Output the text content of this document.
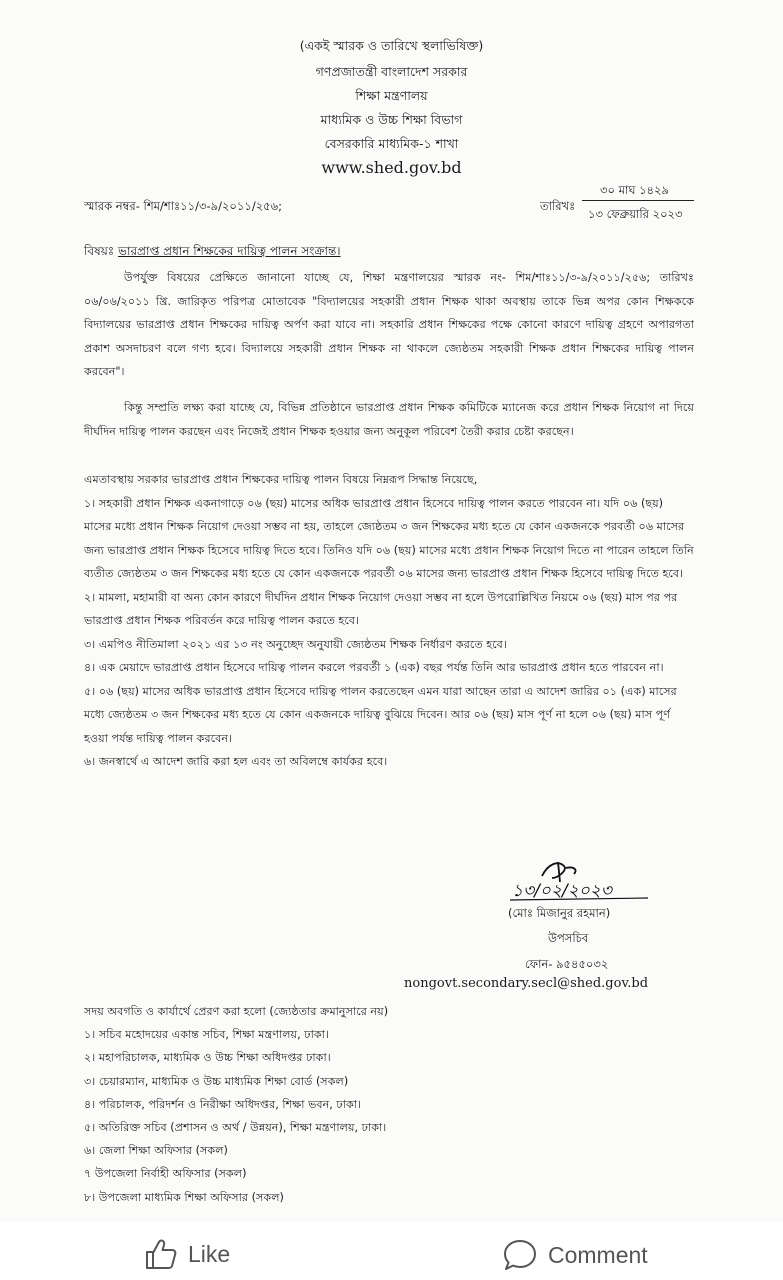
(একই স্মারক ও তারিখে স্থলাভিষিক্ত)
গণপ্রজাতন্ত্রী বাংলাদেশ সরকার
শিক্ষা মন্ত্রণালয়
মাধ্যমিক ও উচ্চ শিক্ষা বিভাগ
বেসরকারি মাধ্যমিক-১ শাখা
www.shed.gov.bd
স্মারক নম্বর- শিম/শাঃ১১/৩-৯/২০১১/২৫৬;	তারিখঃ
৩০ মাঘ ১৪২৯
১৩ ফেব্রুয়ারি ২০২৩
বিষয়ঃ ভারপ্রাপ্ত প্রধান শিক্ষকের দায়িত্ব পালন সংক্রান্ত।
উপর্যুক্ত বিষয়ের প্রেক্ষিতে জানানো যাচ্ছে যে, শিক্ষা মন্ত্রণালয়ের স্মারক নং- শিম/শাঃ১১/৩-৯/২০১১/২৫৬; তারিখঃ ০৬/০৬/২০১১ খ্রি. জারিকৃত পরিপত্র মোতাবেক "বিদ্যালয়ের সহকারী প্রধান শিক্ষক থাকা অবস্থায় তাকে ভিন্ন অপর কোন শিক্ষককে বিদ্যালয়ের ভারপ্রাপ্ত প্রধান শিক্ষকের দায়িত্ব অর্পণ করা যাবে না। সহকারি প্রধান শিক্ষকের পক্ষে কোনো কারণে দায়িত্ব গ্রহণে অপারগতা প্রকাশ অসদাচরণ বলে গণ্য হবে। বিদ্যালয়ে সহকারী প্রধান শিক্ষক না থাকলে জ্যেষ্ঠতম সহকারী শিক্ষক প্রধান শিক্ষকের দায়িত্ব পালন করবেন"।
কিন্তু সম্প্রতি লক্ষ্য করা যাচ্ছে যে, বিভিন্ন প্রতিষ্ঠানে ভারপ্রাপ্ত প্রধান শিক্ষক কমিটিকে ম্যানেজ করে প্রধান শিক্ষক নিয়োগ না দিয়ে দীর্ঘদিন দায়িত্ব পালন করছেন এবং নিজেই প্রধান শিক্ষক হওয়ার জন্য অনুকূল পরিবেশ তৈরী করার চেষ্টা করছেন।
এমতাবস্থায় সরকার ভারপ্রাপ্ত প্রধান শিক্ষকের দায়িত্ব পালন বিষয়ে নিম্নরূপ সিদ্ধান্ত নিয়েছে,
১। সহকারী প্রধান শিক্ষক একনাগাড়ে ০৬ (ছয়) মাসের অধিক ভারপ্রাপ্ত প্রধান হিসেবে দায়িত্ব পালন করতে পারবেন না। যদি ০৬ (ছয়) মাসের মধ্যে প্রধান শিক্ষক নিয়োগ দেওয়া সম্ভব না হয়, তাহলে জ্যেষ্ঠতম ৩ জন শিক্ষকের মধ্য হতে যে কোন একজনকে পরবর্তী ০৬ মাসের জন্য ভারপ্রাপ্ত প্রধান শিক্ষক হিসেবে দায়িত্ব দিতে হবে। তিনিও যদি ০৬ (ছয়) মাসের মধ্যে প্রধান শিক্ষক নিয়োগ দিতে না পারেন তাহলে তিনি ব্যতীত জ্যেষ্ঠতম ৩ জন শিক্ষকের মধ্য হতে যে কোন একজনকে পরবর্তী ০৬ মাসের জন্য ভারপ্রাপ্ত প্রধান শিক্ষক হিসেবে দায়িত্ব দিতে হবে।
২। মামলা, মহামারী বা অন্য কোন কারণে দীর্ঘদিন প্রধান শিক্ষক নিয়োগ দেওয়া সম্ভব না হলে উপরোল্লিখিত নিয়মে ০৬ (ছয়) মাস পর পর ভারপ্রাপ্ত প্রধান শিক্ষক পরিবর্তন করে দায়িত্ব পালন করতে হবে।
৩। এমপিও নীতিমালা ২০২১ এর ১৩ নং অনুচ্ছেদ অনুযায়ী জ্যেষ্ঠতম শিক্ষক নির্ধারণ করতে হবে।
৪। এক মেয়াদে ভারপ্রাপ্ত প্রধান হিসেবে দায়িত্ব পালন করলে পরবর্তী ১ (এক) বছর পর্যন্ত তিনি আর ভারপ্রাপ্ত প্রধান হতে পারবেন না।
৫। ০৬ (ছয়) মাসের অধিক ভারপ্রাপ্ত প্রধান হিসেবে দায়িত্ব পালন করতেছেন এমন যারা আছেন তারা এ আদেশ জারির ০১ (এক) মাসের মধ্যে জ্যেষ্ঠতম ৩ জন শিক্ষকের মধ্য হতে যে কোন একজনকে দায়িত্ব বুঝিয়ে দিবেন। আর ০৬ (ছয়) মাস পূর্ণ না হলে ০৬ (ছয়) মাস পূর্ণ হওয়া পর্যন্ত দায়িত্ব পালন করবেন।
৬। জনস্বার্থে এ আদেশ জারি করা হল এবং তা অবিলম্বে কার্যকর হবে।
১৩/০২/২০২৩
(মোঃ মিজানুর রহমান)
উপসচিব
ফোন- ৯৫৪৫০৩২
nongovt.secondary.secl@shed.gov.bd
সদয় অবগতি ও কার্যার্থে প্রেরণ করা হলো (জ্যেষ্ঠতার ক্রমানুসারে নয়)
১। সচিব মহোদয়ের একান্ত সচিব, শিক্ষা মন্ত্রণালয়, ঢাকা।
২। মহাপরিচালক, মাধ্যমিক ও উচ্চ শিক্ষা অধিদপ্তর ঢাকা।
৩। চেয়ারম্যান, মাধ্যমিক ও উচ্চ মাধ্যমিক শিক্ষা বোর্ড (সকল)
৪। পরিচালক, পরিদর্শন ও নিরীক্ষা অধিদপ্তর, শিক্ষা ভবন, ঢাকা।
৫। অতিরিক্ত সচিব (প্রশাসন ও অর্থ / উন্নয়ন), শিক্ষা মন্ত্রণালয়, ঢাকা।
৬। জেলা শিক্ষা অফিসার (সকল)
৭ উপজেলা নির্বাহী অফিসার (সকল)
৮। উপজেলা মাধ্যমিক শিক্ষা অফিসার (সকল)
Like	Comment
